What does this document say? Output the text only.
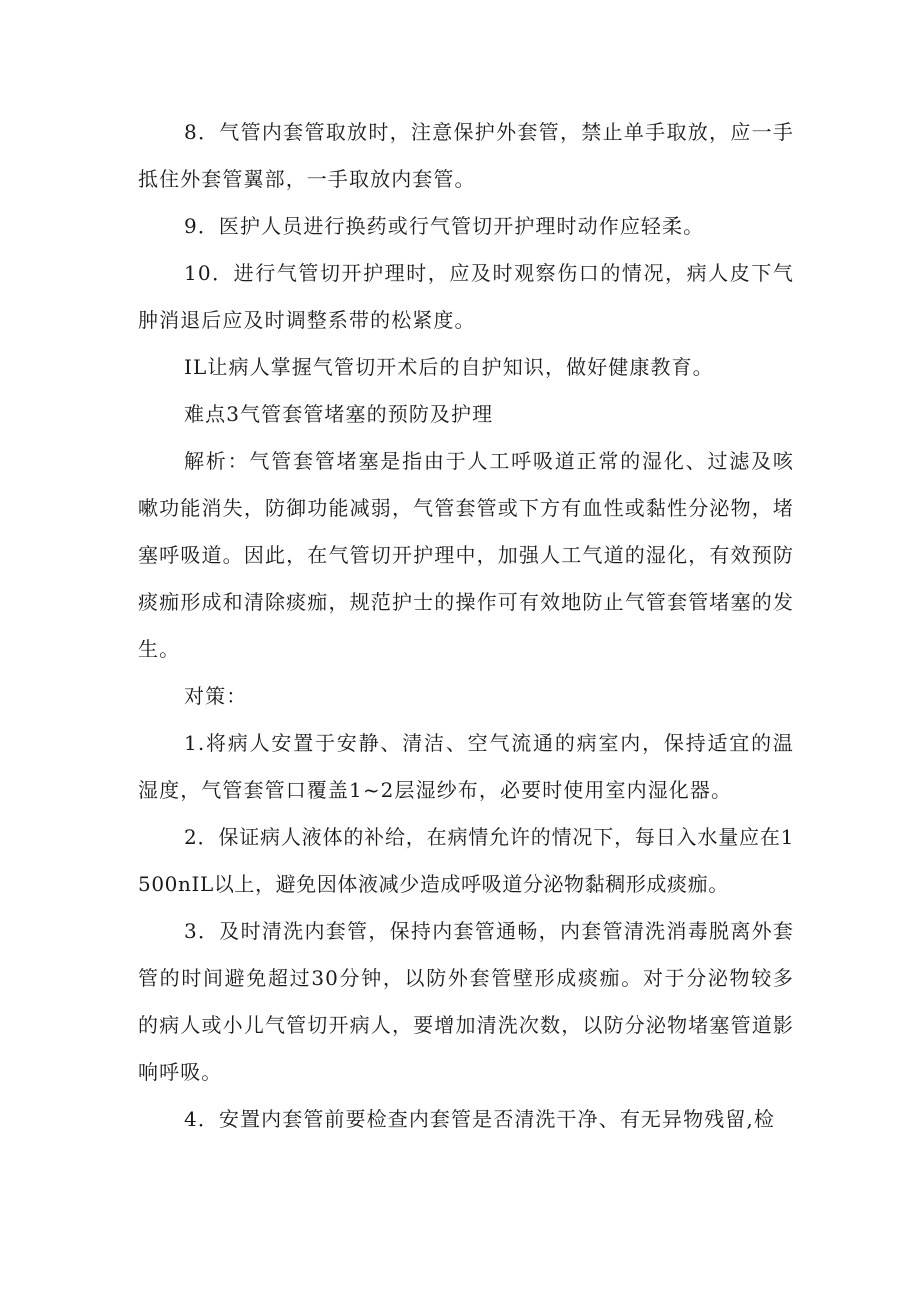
8．气管内套管取放时，注意保护外套管，禁止单手取放，应一手抵住外套管翼部，一手取放内套管。

9．医护人员进行换药或行气管切开护理时动作应轻柔。

10．进行气管切开护理时，应及时观察伤口的情况，病人皮下气肿消退后应及时调整系带的松紧度。

IL让病人掌握气管切开术后的自护知识，做好健康教育。

难点3气管套管堵塞的预防及护理

解析：气管套管堵塞是指由于人工呼吸道正常的湿化、过滤及咳嗽功能消失，防御功能减弱，气管套管或下方有血性或黏性分泌物，堵塞呼吸道。因此，在气管切开护理中，加强人工气道的湿化，有效预防痰痂形成和清除痰痂，规范护士的操作可有效地防止气管套管堵塞的发生。

对策：

1.将病人安置于安静、清洁、空气流通的病室内，保持适宜的温湿度，气管套管口覆盖1~2层湿纱布，必要时使用室内湿化器。

2．保证病人液体的补给，在病情允许的情况下，每日入水量应在1500nIL以上，避免因体液减少造成呼吸道分泌物黏稠形成痰痂。

3．及时清洗内套管，保持内套管通畅，内套管清洗消毒脱离外套管的时间避免超过30分钟，以防外套管壁形成痰痂。对于分泌物较多的病人或小儿气管切开病人，要增加清洗次数，以防分泌物堵塞管道影响呼吸。

4．安置内套管前要检查内套管是否清洗干净、有无异物残留,检
